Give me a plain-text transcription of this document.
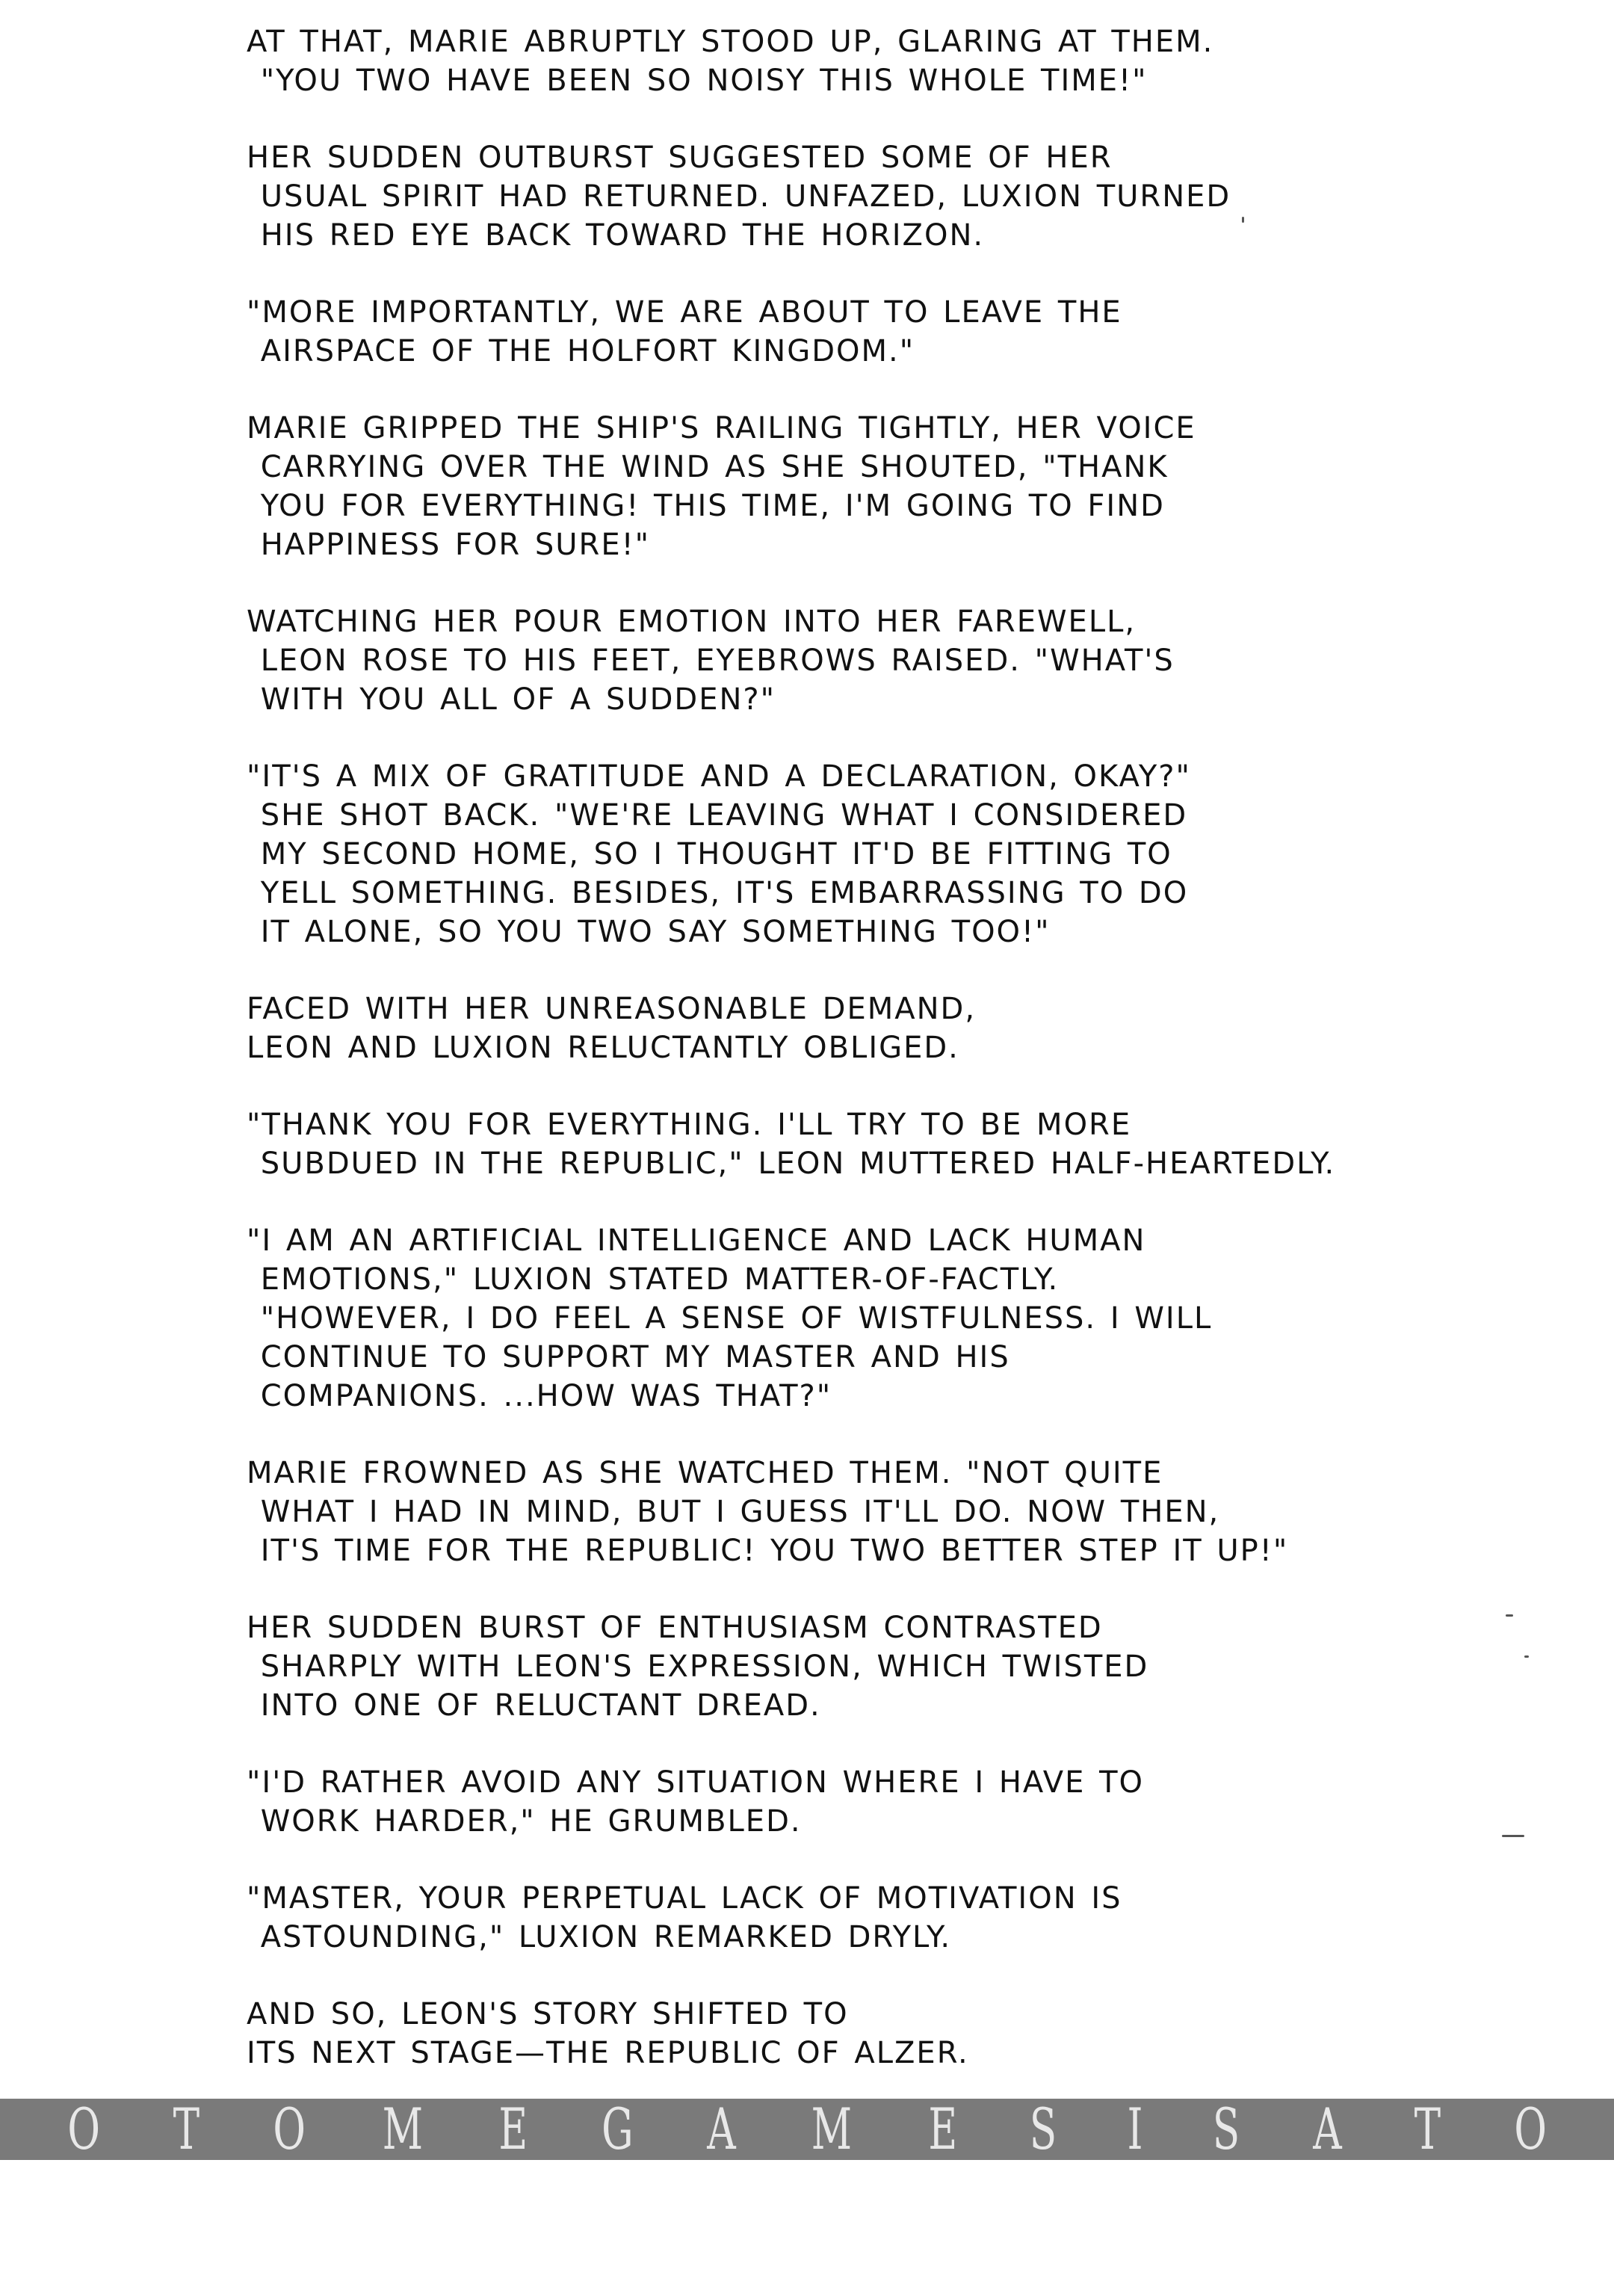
AT THAT, MARIE ABRUPTLY STOOD UP, GLARING AT THEM.
"YOU TWO HAVE BEEN SO NOISY THIS WHOLE TIME!"

HER SUDDEN OUTBURST SUGGESTED SOME OF HER
USUAL SPIRIT HAD RETURNED. UNFAZED, LUXION TURNED
HIS RED EYE BACK TOWARD THE HORIZON.

"MORE IMPORTANTLY, WE ARE ABOUT TO LEAVE THE
AIRSPACE OF THE HOLFORT KINGDOM."

MARIE GRIPPED THE SHIP'S RAILING TIGHTLY, HER VOICE
CARRYING OVER THE WIND AS SHE SHOUTED, "THANK
YOU FOR EVERYTHING! THIS TIME, I'M GOING TO FIND
HAPPINESS FOR SURE!"

WATCHING HER POUR EMOTION INTO HER FAREWELL,
LEON ROSE TO HIS FEET, EYEBROWS RAISED. "WHAT'S
WITH YOU ALL OF A SUDDEN?"

"IT'S A MIX OF GRATITUDE AND A DECLARATION, OKAY?"
SHE SHOT BACK. "WE'RE LEAVING WHAT I CONSIDERED
MY SECOND HOME, SO I THOUGHT IT'D BE FITTING TO
YELL SOMETHING. BESIDES, IT'S EMBARRASSING TO DO
IT ALONE, SO YOU TWO SAY SOMETHING TOO!"

FACED WITH HER UNREASONABLE DEMAND,
LEON AND LUXION RELUCTANTLY OBLIGED.

"THANK YOU FOR EVERYTHING. I'LL TRY TO BE MORE
SUBDUED IN THE REPUBLIC," LEON MUTTERED HALF-HEARTEDLY.

"I AM AN ARTIFICIAL INTELLIGENCE AND LACK HUMAN
EMOTIONS," LUXION STATED MATTER-OF-FACTLY.
"HOWEVER, I DO FEEL A SENSE OF WISTFULNESS. I WILL
CONTINUE TO SUPPORT MY MASTER AND HIS
COMPANIONS. ...HOW WAS THAT?"

MARIE FROWNED AS SHE WATCHED THEM. "NOT QUITE
WHAT I HAD IN MIND, BUT I GUESS IT'LL DO. NOW THEN,
IT'S TIME FOR THE REPUBLIC! YOU TWO BETTER STEP IT UP!"

HER SUDDEN BURST OF ENTHUSIASM CONTRASTED
SHARPLY WITH LEON'S EXPRESSION, WHICH TWISTED
INTO ONE OF RELUCTANT DREAD.

"I'D RATHER AVOID ANY SITUATION WHERE I HAVE TO
WORK HARDER," HE GRUMBLED.

"MASTER, YOUR PERPETUAL LACK OF MOTIVATION IS
ASTOUNDING," LUXION REMARKED DRYLY.

AND SO, LEON'S STORY SHIFTED TO
ITS NEXT STAGE—THE REPUBLIC OF ALZER.

O T O M E G A M E S I S A T O
